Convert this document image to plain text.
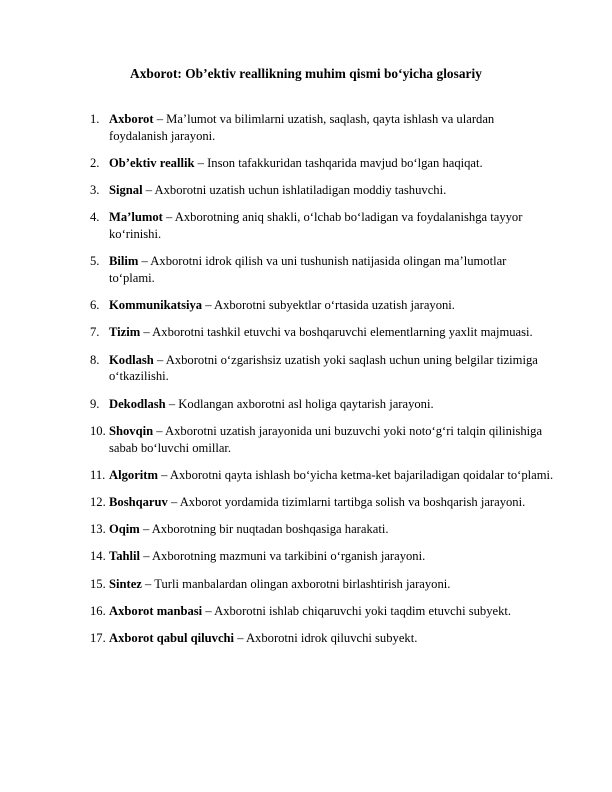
Axborot: Ob’ektiv reallikning muhim qismi bo‘yicha glosariy
1. Axborot – Ma’lumot va bilimlarni uzatish, saqlash, qayta ishlash va ulardan foydalanish jarayoni.
2. Ob’ektiv reallik – Inson tafakkuridan tashqarida mavjud bo‘lgan haqiqat.
3. Signal – Axborotni uzatish uchun ishlatiladigan moddiy tashuvchi.
4. Ma’lumot – Axborotning aniq shakli, o‘lchab bo‘ladigan va foydalanishga tayyor ko‘rinishi.
5. Bilim – Axborotni idrok qilish va uni tushunish natijasida olingan ma’lumotlar to‘plami.
6. Kommunikatsiya – Axborotni subyektlar o‘rtasida uzatish jarayoni.
7. Tizim – Axborotni tashkil etuvchi va boshqaruvchi elementlarning yaxlit majmuasi.
8. Kodlash – Axborotni o‘zgarishsiz uzatish yoki saqlash uchun uning belgilar tizimiga o‘tkazilishi.
9. Dekodlash – Kodlangan axborotni asl holiga qaytarish jarayoni.
10. Shovqin – Axborotni uzatish jarayonida uni buzuvchi yoki noto‘g‘ri talqin qilinishiga sabab bo‘luvchi omillar.
11. Algoritm – Axborotni qayta ishlash bo‘yicha ketma-ket bajariladigan qoidalar to‘plami.
12. Boshqaruv – Axborot yordamida tizimlarni tartibga solish va boshqarish jarayoni.
13. Oqim – Axborotning bir nuqtadan boshqasiga harakati.
14. Tahlil – Axborotning mazmuni va tarkibini o‘rganish jarayoni.
15. Sintez – Turli manbalardan olingan axborotni birlashtirish jarayoni.
16. Axborot manbasi – Axborotni ishlab chiqaruvchi yoki taqdim etuvchi subyekt.
17. Axborot qabul qiluvchi – Axborotni idrok qiluvchi subyekt.
